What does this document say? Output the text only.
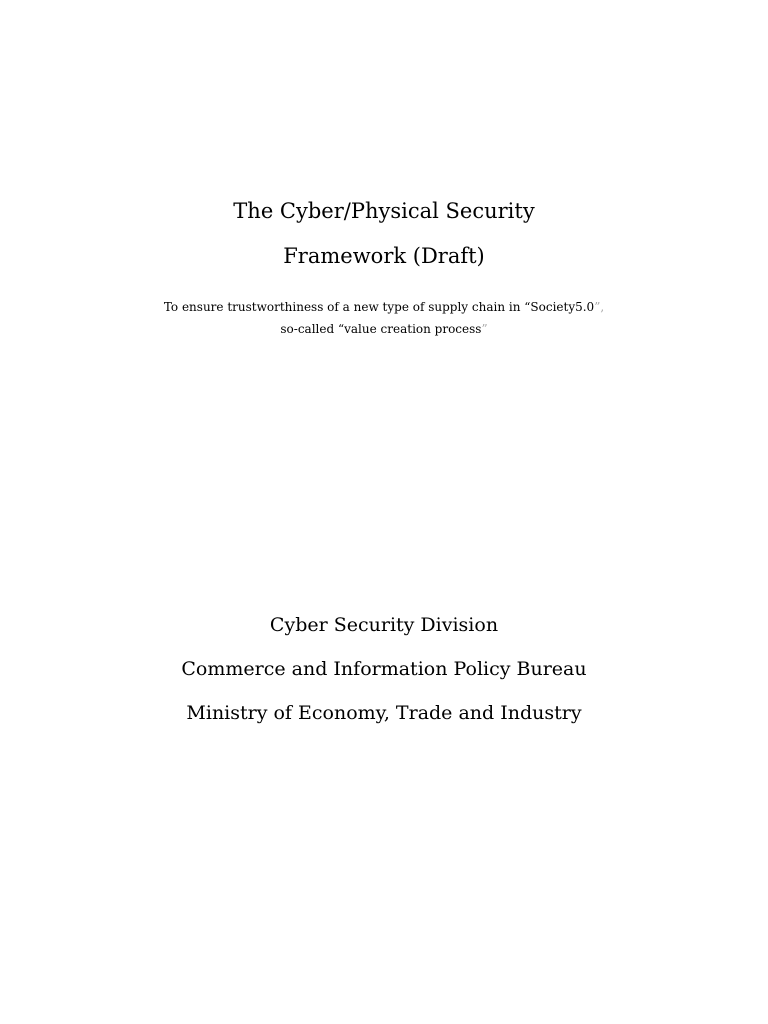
The Cyber/Physical Security
Framework (Draft)
To ensure trustworthiness of a new type of supply chain in “Society5.0”,
so-called “value creation process”
Cyber Security Division
Commerce and Information Policy Bureau
Ministry of Economy, Trade and Industry
